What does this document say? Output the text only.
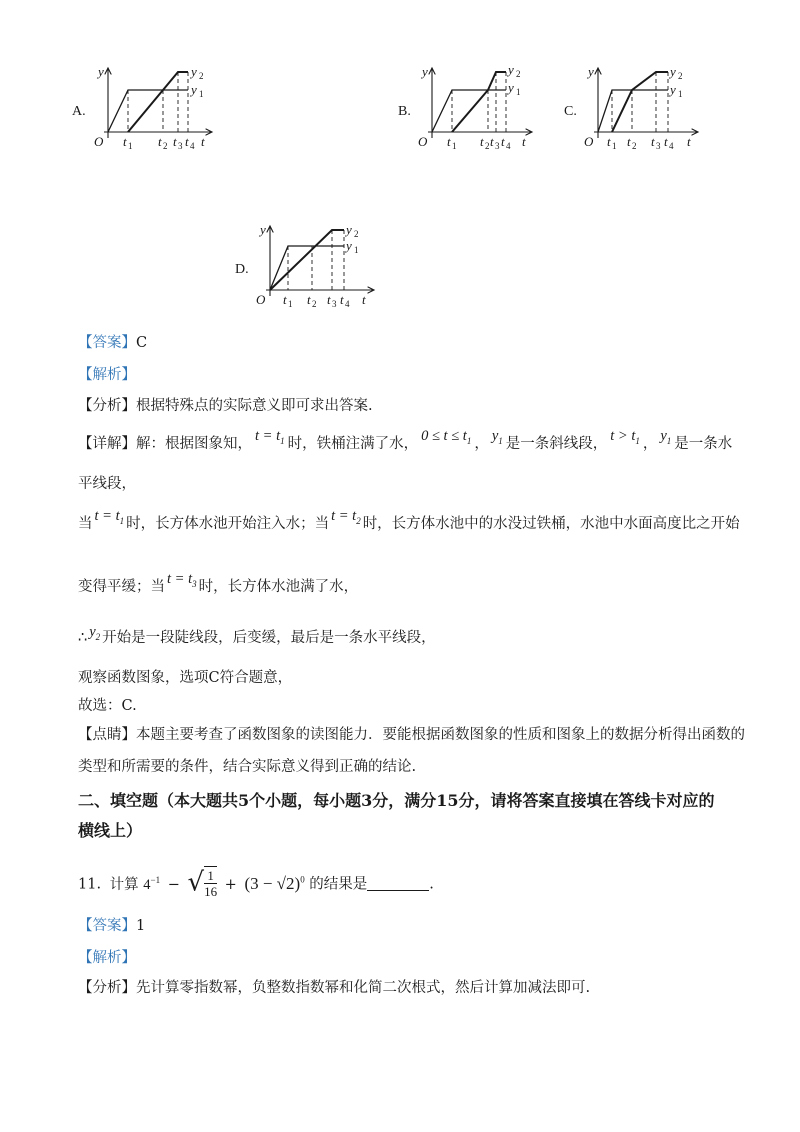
A.
y	y 2
y 1
O t 1 t 2 t 3 t 4 t
B.
y	y 2
y 1
O t 1 t 2 t 3 t 4 t
C.
y	y 2
y 1
O t 1 t 2 t 3 t 4 t
D.
y	y 2
y 1
O t 1 t 2 t 3 t 4 t
【答案】C
【解析】
【分析】根据特殊点的实际意义即可求出答案.
【详解】解：根据图象知， $t = t_1$ 时，铁桶注满了水， $0 \le t \le t_1$ ， $y_1$ 是一条斜线段， $t > t_1$ ， $y_1$ 是一条水
平线段，
当 $t = t_1$ 时，长方体水池开始注入水；当 $t = t_2$ 时，长方体水池中的水没过铁桶，水池中水面高度比之开始
变得平缓；当 $t = t_3$ 时，长方体水池满了水，
∴ $y_2$ 开始是一段陡线段，后变缓，最后是一条水平线段，
观察函数图象，选项C符合题意，
故选：C.
【点睛】本题主要考查了函数图象的读图能力．要能根据函数图象的性质和图象上的数据分析得出函数的
类型和所需要的条件，结合实际意义得到正确的结论.
二、填空题（本大题共5个小题，每小题3分，满分15分，请将答案直接填在答线卡对应的
横线上）
11. 计算 $4^{-1}$ − √ $\frac{1}{16} + (3 - √2)^0$ 的结果是	.
【答案】1
【解析】
【分析】先计算零指数幂，负整数指数幂和化简二次根式，然后计算加减法即可.
